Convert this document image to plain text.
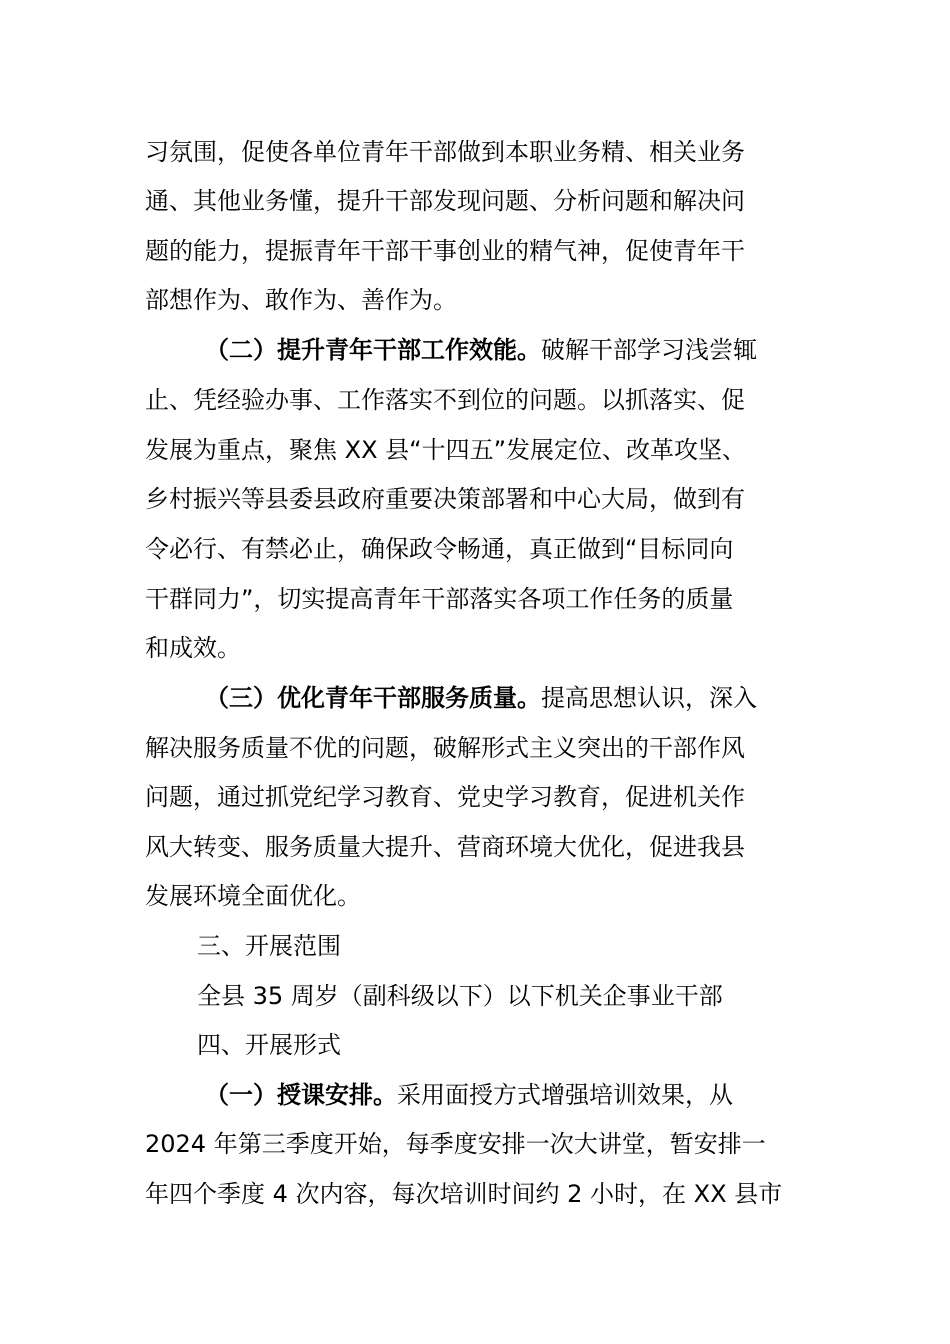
习氛围，促使各单位青年干部做到本职业务精、相关业务
通、其他业务懂，提升干部发现问题、分析问题和解决问
题的能力，提振青年干部干事创业的精气神，促使青年干
部想作为、敢作为、善作为。
（二）提升青年干部工作效能。破解干部学习浅尝辄
止、凭经验办事、工作落实不到位的问题。以抓落实、促
发展为重点，聚焦 XX 县“十四五”发展定位、改革攻坚、
乡村振兴等县委县政府重要决策部署和中心大局，做到有
令必行、有禁必止，确保政令畅通，真正做到“目标同向
干群同力”，切实提高青年干部落实各项工作任务的质量
和成效。
（三）优化青年干部服务质量。提高思想认识，深入
解决服务质量不优的问题，破解形式主义突出的干部作风
问题，通过抓党纪学习教育、党史学习教育，促进机关作
风大转变、服务质量大提升、营商环境大优化，促进我县
发展环境全面优化。
三、开展范围
全县 35 周岁（副科级以下）以下机关企事业干部
四、开展形式
（一）授课安排。采用面授方式增强培训效果，从
2024 年第三季度开始，每季度安排一次大讲堂，暂安排一
年四个季度 4 次内容，每次培训时间约 2 小时，在 XX 县市
